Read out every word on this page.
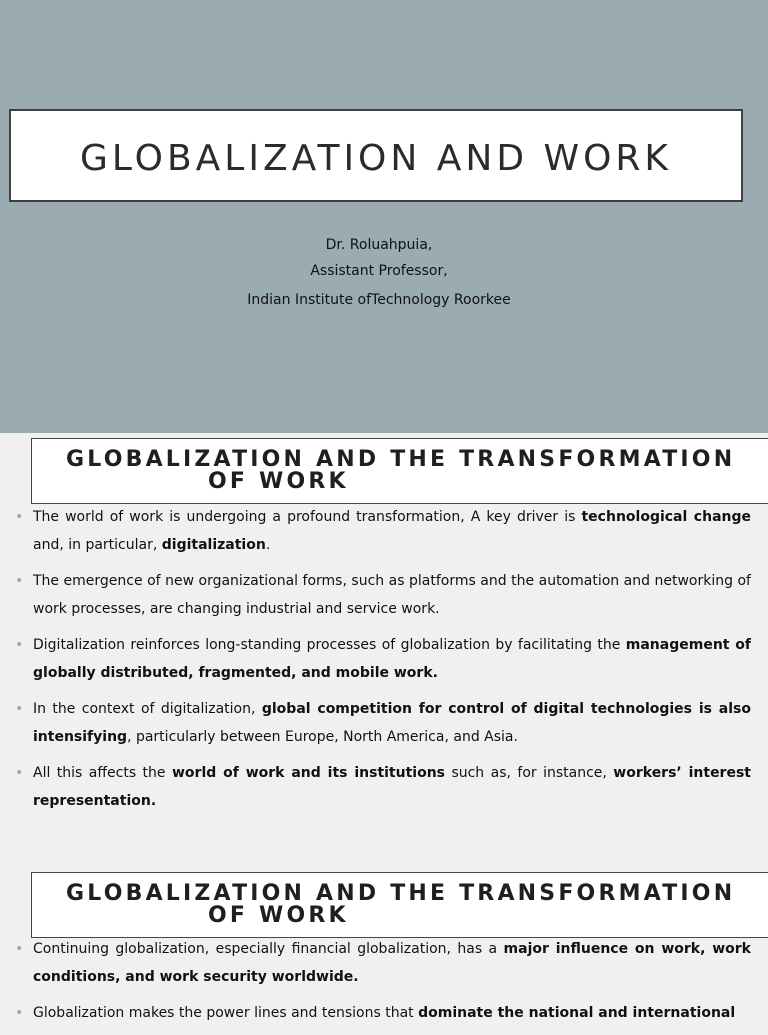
GLOBALIZATION AND WORK
Dr. Roluahpuia,
Assistant Professor,
Indian Institute ofTechnology Roorkee
GLOBALIZATION AND THE TRANSFORMATION
OF WORK
• The world of work is undergoing a profound transformation, A key driver is technological change and, in particular, digitalization.
• The emergence of new organizational forms, such as platforms and the automation and networking of work processes, are changing industrial and service work.
• Digitalization reinforces long-standing processes of globalization by facilitating the management of globally distributed, fragmented, and mobile work.
• In the context of digitalization, global competition for control of digital technologies is also intensifying, particularly between Europe, North America, and Asia.
• All this affects the world of work and its institutions such as, for instance, workers’ interest representation.
GLOBALIZATION AND THE TRANSFORMATION
OF WORK
• Continuing globalization, especially financial globalization, has a major influence on work, work conditions, and work security worldwide.
• Globalization makes the power lines and tensions that dominate the national and international
